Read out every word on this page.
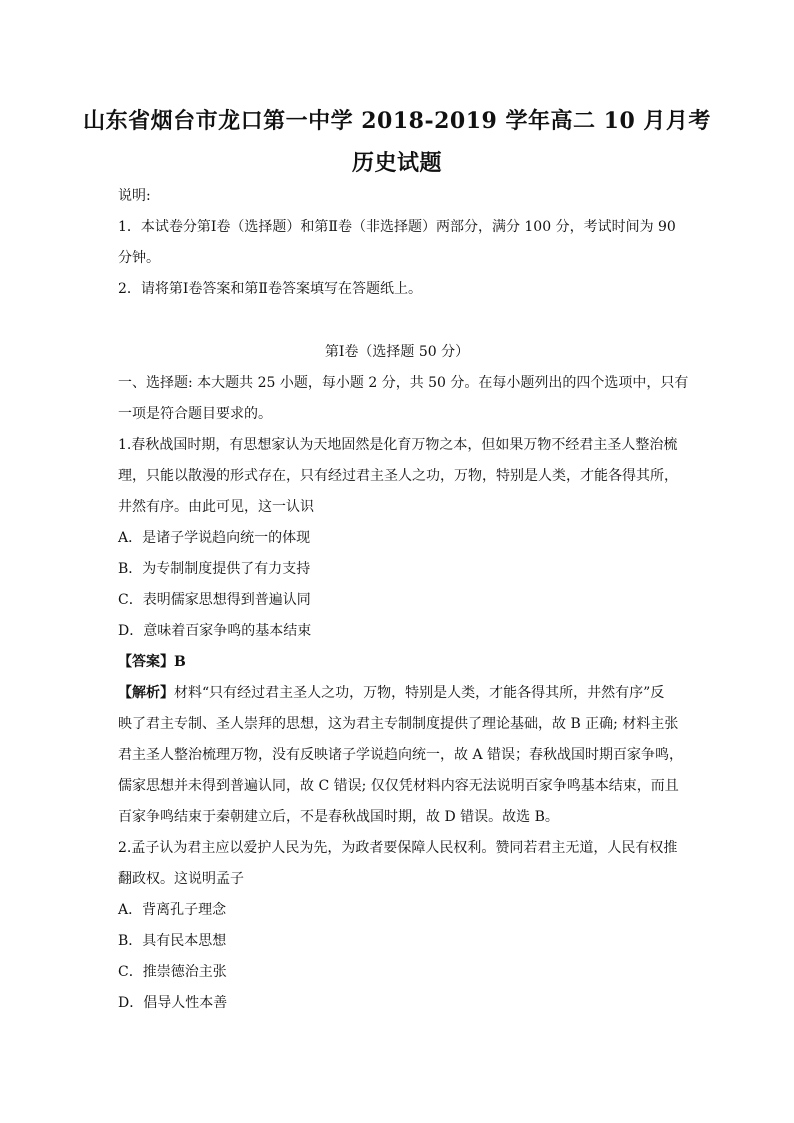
山东省烟台市龙口第一中学 2018-2019 学年高二 10 月月考
历史试题
说明:
1．本试卷分第Ⅰ卷（选择题）和第Ⅱ卷（非选择题）两部分，满分 100 分，考试时间为 90
分钟。
2．请将第Ⅰ卷答案和第Ⅱ卷答案填写在答题纸上。
第Ⅰ卷（选择题 50 分）
一、选择题: 本大题共 25 小题，每小题 2 分，共 50 分。在每小题列出的四个选项中，只有
一项是符合题目要求的。
1.春秋战国时期，有思想家认为天地固然是化育万物之本，但如果万物不经君主圣人整治梳
理，只能以散漫的形式存在，只有经过君主圣人之功，万物，特别是人类，才能各得其所，
井然有序。由此可见，这一认识
A．是诸子学说趋向统一的体现
B．为专制制度提供了有力支持
C．表明儒家思想得到普遍认同
D．意味着百家争鸣的基本结束
【答案】B
【解析】材料“只有经过君主圣人之功，万物，特别是人类，才能各得其所，井然有序”反
映了君主专制、圣人崇拜的思想，这为君主专制制度提供了理论基础，故 B 正确; 材料主张
君主圣人整治梳理万物，没有反映诸子学说趋向统一，故 A 错误；春秋战国时期百家争鸣，
儒家思想并未得到普遍认同，故 C 错误; 仅仅凭材料内容无法说明百家争鸣基本结束，而且
百家争鸣结束于秦朝建立后，不是春秋战国时期，故 D 错误。故选 B。
2.孟子认为君主应以爱护人民为先，为政者要保障人民权利。赞同若君主无道，人民有权推
翻政权。这说明孟子
A．背离孔子理念
B．具有民本思想
C．推崇德治主张
D．倡导人性本善
